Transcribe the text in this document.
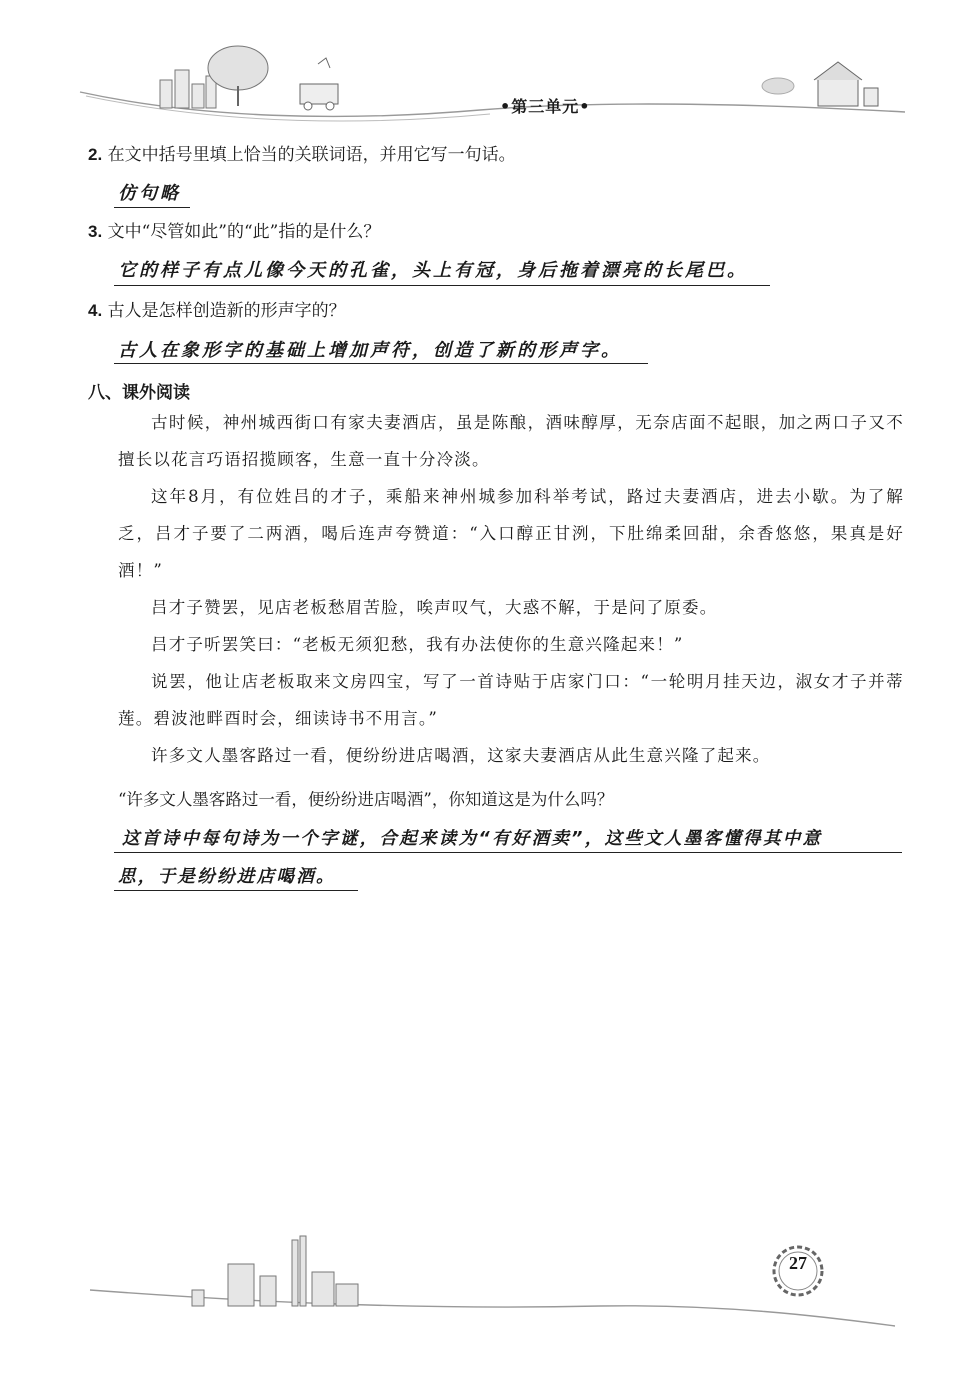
•第三单元•
2. 在文中括号里填上恰当的关联词语，并用它写一句话。
仿句略
3. 文中“尽管如此”的“此”指的是什么？
它的样子有点儿像今天的孔雀，头上有冠，身后拖着漂亮的长尾巴。
4. 古人是怎样创造新的形声字的？
古人在象形字的基础上增加声符，创造了新的形声字。
八、课外阅读

古时候，神州城西街口有家夫妻酒店，虽是陈酿，酒味醇厚，无奈店面不起眼，加之两口子又不擅长以花言巧语招揽顾客，生意一直十分冷淡。

这年8月，有位姓吕的才子，乘船来神州城参加科举考试，路过夫妻酒店，进去小歇。为了解乏，吕才子要了二两酒，喝后连声夸赞道：“入口醇正甘洌，下肚绵柔回甜，余香悠悠，果真是好酒！”

吕才子赞罢，见店老板愁眉苦脸，唉声叹气，大惑不解，于是问了原委。

吕才子听罢笑曰：“老板无须犯愁，我有办法使你的生意兴隆起来！”

说罢，他让店老板取来文房四宝，写了一首诗贴于店家门口：“一轮明月挂天边，淑女才子并蒂莲。碧波池畔酉时会，细读诗书不用言。”

许多文人墨客路过一看，便纷纷进店喝酒，这家夫妻酒店从此生意兴隆了起来。

“许多文人墨客路过一看，便纷纷进店喝酒”，你知道这是为什么吗？
这首诗中每句诗为一个字谜，合起来读为“有好酒卖”，这些文人墨客懂得其中意
思，于是纷纷进店喝酒。
27
